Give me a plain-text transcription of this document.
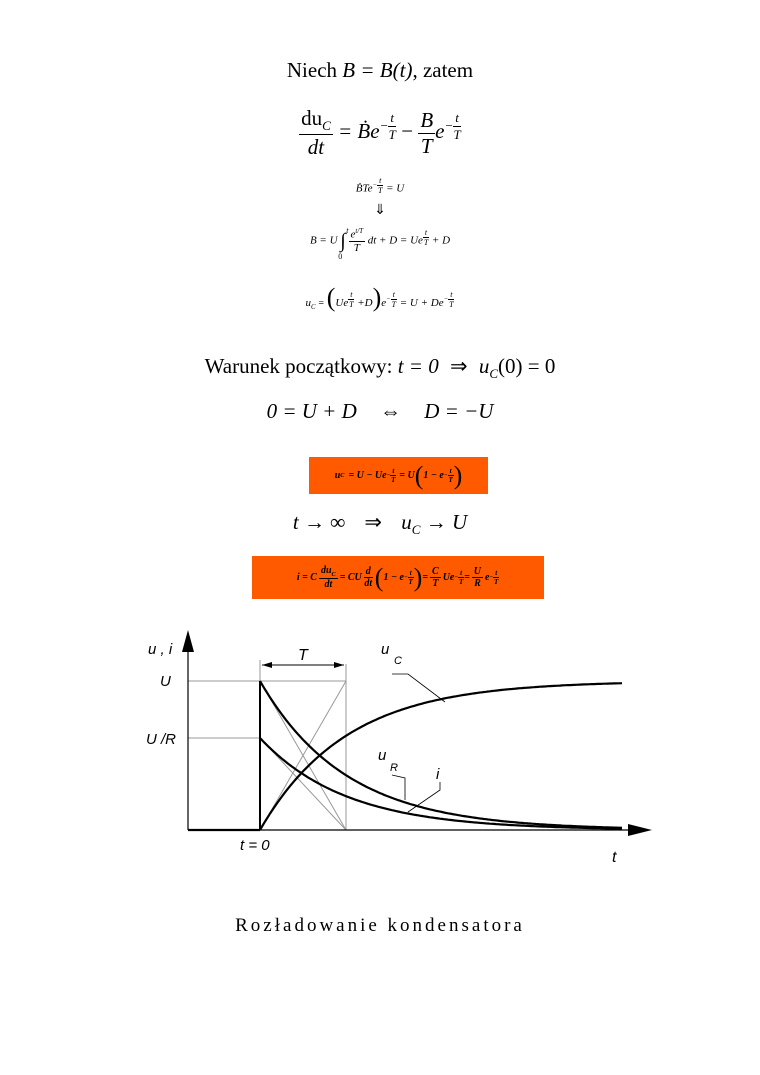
Niech B = B(t), zatem
$\frac{du_C}{dt}$ = Ḃe$^{- \frac{t}{T}}$ − $\frac{B}{T} e^{- \frac{t}{T}}$
ḂTe$^{- \frac{t}{T}}$ = U
⇓
B = U ∫ t
0

$\frac{e^{t/T}}{T}$ dt + D = Ue $^{\frac{t}{T}}$ + D
$u_C = (Ue$ $^{\frac{t}{T}} +D)e^{- \frac{t}{T}} = U + De^{- \frac{t}{T}}$
Warunek początkowy: t = 0 ⇒ $u_C(0) = 0$
0 = U + D ⇔ D = −U
u $C = U - Ue - \frac{t}{T} = U$ ( $1 - e - \frac{t}{T}$ )
t → ∞ ⇒ $u_C \to U$
i = C $\frac{du_C}{dt}$ = CU $\frac{d}{dt}$ ( $1 - e - \frac{t}{T}$ ) = $\frac{C}{T}$ $Ue - \frac{t}{T} = \frac{U}{R}$ $e - \frac{t}{T}$
u , i
U
U /R
t = 0
t
T	u
C
u
R	i
Rozładowanie kondensatora
